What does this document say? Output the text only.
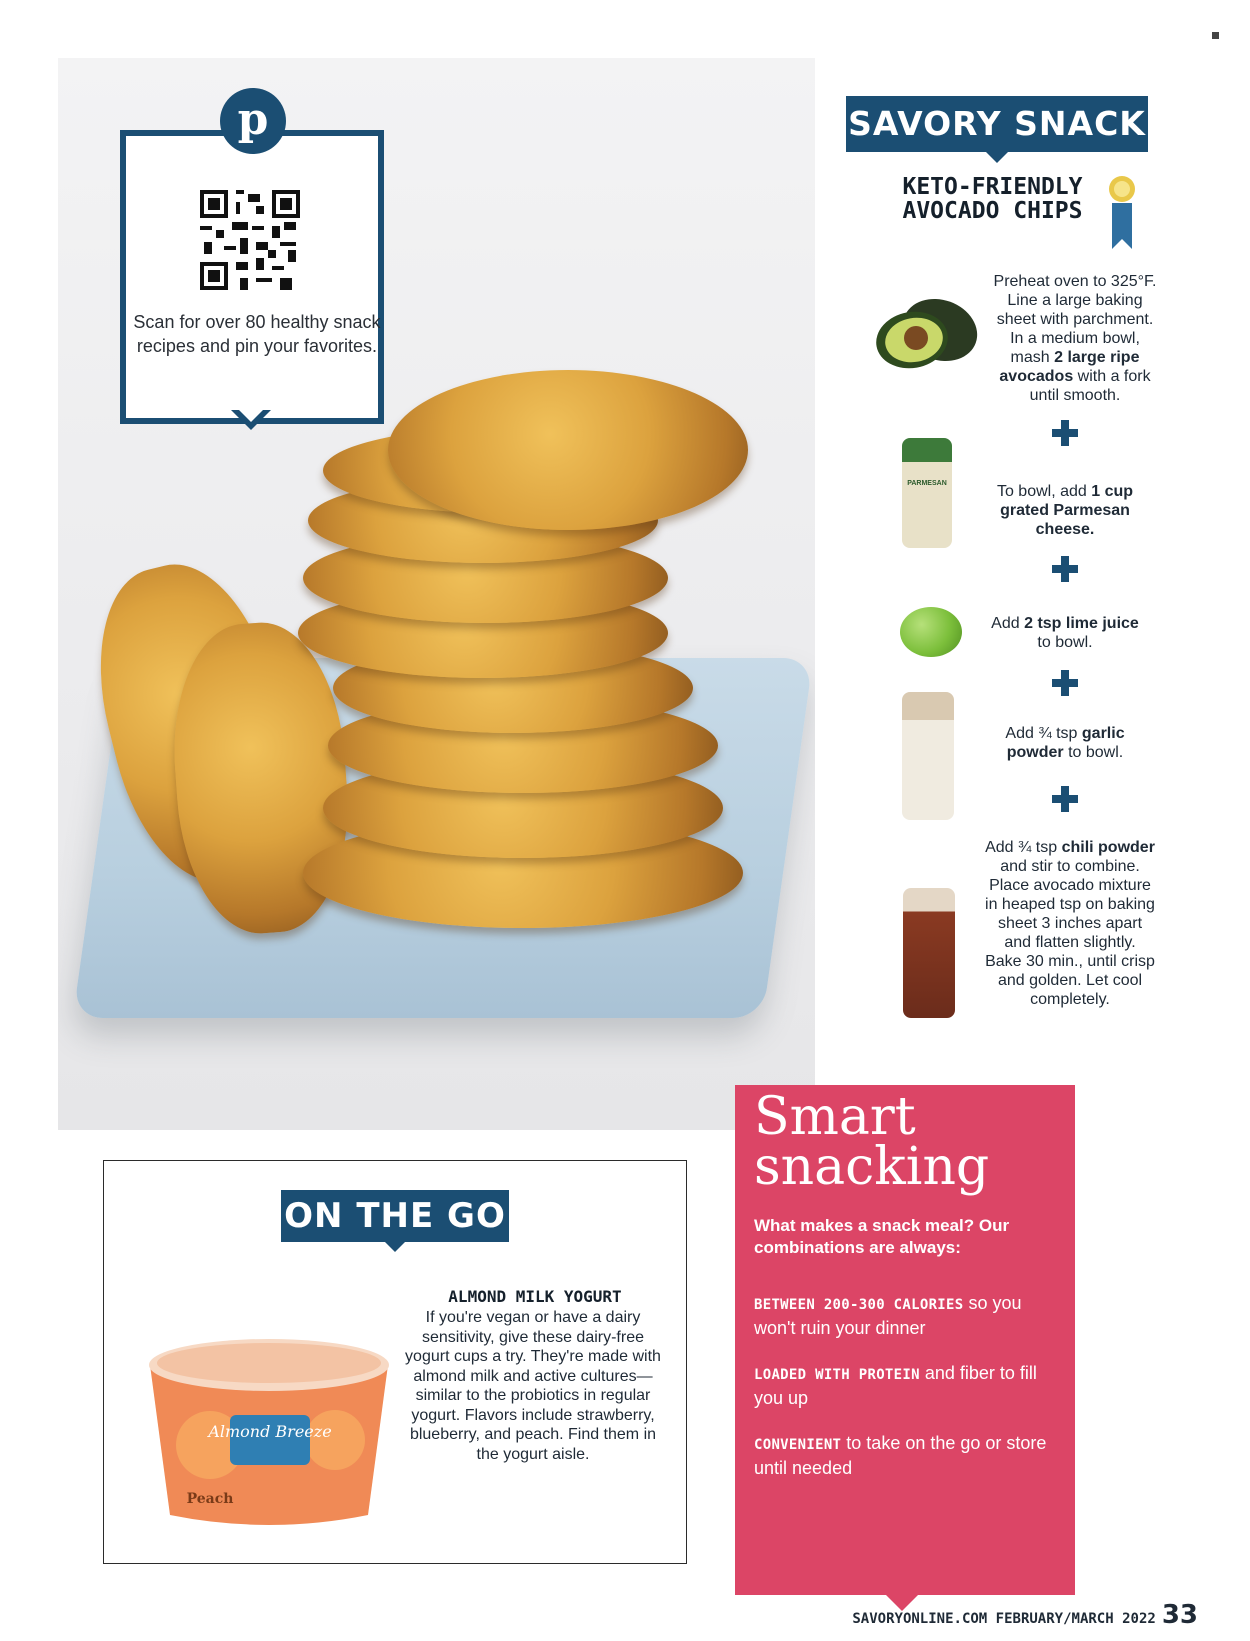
p
Scan for over 80 healthy snack recipes and pin your favorites.
SAVORY SNACK
KETO-FRIENDLY
AVOCADO CHIPS
Preheat oven to 325°F. Line a large baking sheet with parchment. In a medium bowl, mash 2 large ripe avocados with a fork until smooth.
PARMESAN	To bowl, add 1 cup grated Parmesan cheese.
Add 2 tsp lime juice to bowl.
Add ¾ tsp garlic powder to bowl.
Add ¾ tsp chili powder and stir to combine. Place avocado mixture in heaped tsp on baking sheet 3 inches apart and flatten slightly. Bake 30 min., until crisp and golden. Let cool completely.
Smart
snacking
What makes a snack meal? Our combinations are always:
BETWEEN 200-300 CALORIES so you won't ruin your dinner
LOADED WITH PROTEIN and fiber to fill you up
CONVENIENT to take on the go or store until needed
ON THE GO
Almond Breeze
Peach
ALMOND MILK YOGURT
If you're vegan or have a dairy sensitivity, give these dairy-free yogurt cups a try. They're made with almond milk and active cultures—similar to the probiotics in regular yogurt. Flavors include strawberry, blueberry, and peach. Find them in the yogurt aisle.
SAVORYONLINE.COM FEBRUARY/MARCH 2022 33
